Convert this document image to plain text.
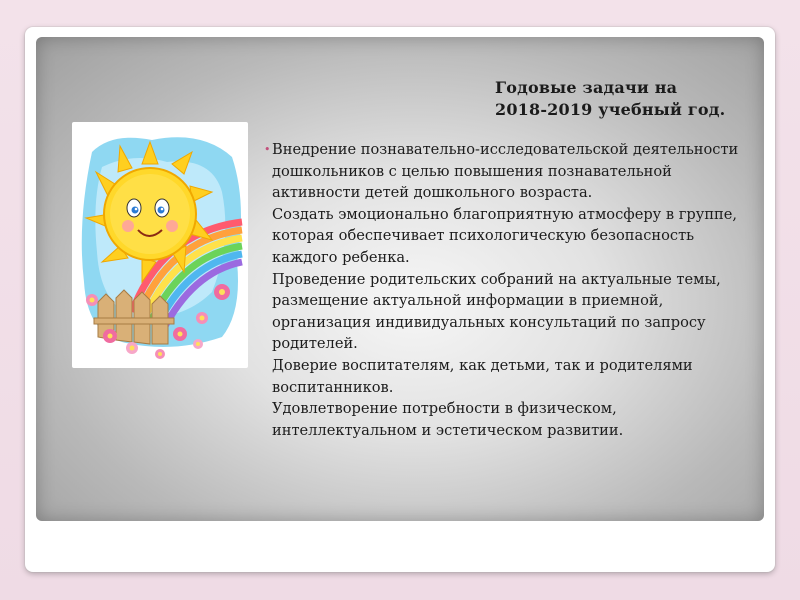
Годовые задачи на
2018-2019 учебный год.
• Внедрение познавательно-исследовательской деятельности дошкольников с целью повышения познавательной активности детей дошкольного возраста.
Создать эмоционально благоприятную атмосферу в группе, которая обеспечивает психологическую безопасность каждого ребенка.
Проведение родительских собраний на актуальные темы, размещение актуальной информации в приемной, организация индивидуальных консультаций по запросу родителей.
Доверие воспитателям, как детьми, так и родителями воспитанников.
Удовлетворение потребности в физическом, интеллектуальном и эстетическом развитии.
